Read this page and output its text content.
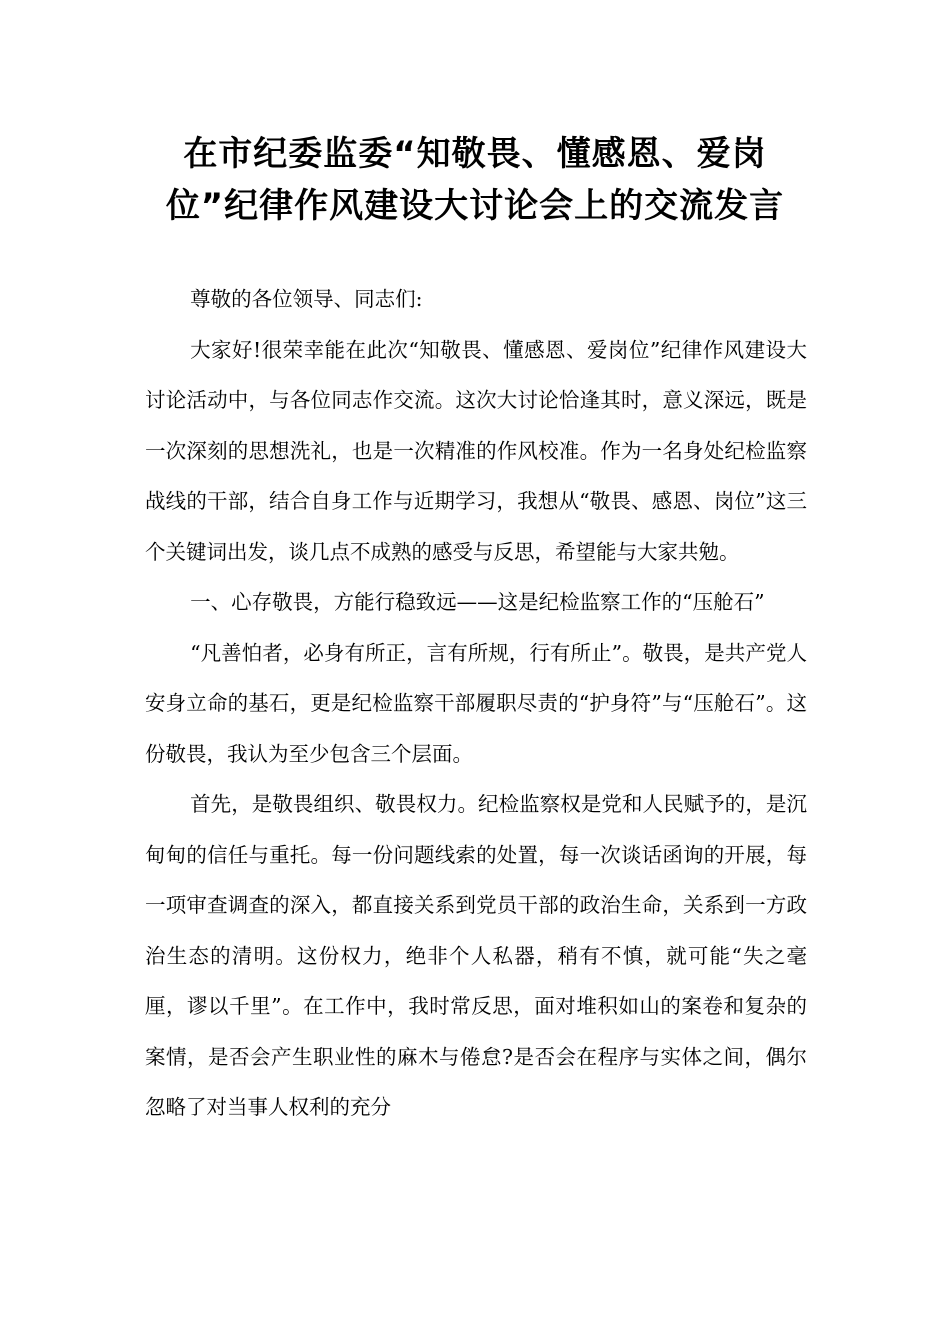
在市纪委监委“知敬畏、懂感恩、爱岗
位”纪律作风建设大讨论会上的交流发言

尊敬的各位领导、同志们:

大家好!很荣幸能在此次“知敬畏、懂感恩、爱岗位”纪律作风建设大讨论活动中，与各位同志作交流。这次大讨论恰逢其时，意义深远，既是一次深刻的思想洗礼，也是一次精准的作风校准。作为一名身处纪检监察战线的干部，结合自身工作与近期学习，我想从“敬畏、感恩、岗位”这三个关键词出发，谈几点不成熟的感受与反思，希望能与大家共勉。

一、心存敬畏，方能行稳致远——这是纪检监察工作的“压舱石”

“凡善怕者，必身有所正，言有所规，行有所止”。敬畏，是共产党人安身立命的基石，更是纪检监察干部履职尽责的“护身符”与“压舱石”。这份敬畏，我认为至少包含三个层面。

首先，是敬畏组织、敬畏权力。纪检监察权是党和人民赋予的，是沉甸甸的信任与重托。每一份问题线索的处置，每一次谈话函询的开展，每一项审查调查的深入，都直接关系到党员干部的政治生命，关系到一方政治生态的清明。这份权力，绝非个人私器，稍有不慎，就可能“失之毫厘，谬以千里”。在工作中，我时常反思，面对堆积如山的案卷和复杂的案情，是否会产生职业性的麻木与倦怠?是否会在程序与实体之间，偶尔忽略了对当事人权利的充分
